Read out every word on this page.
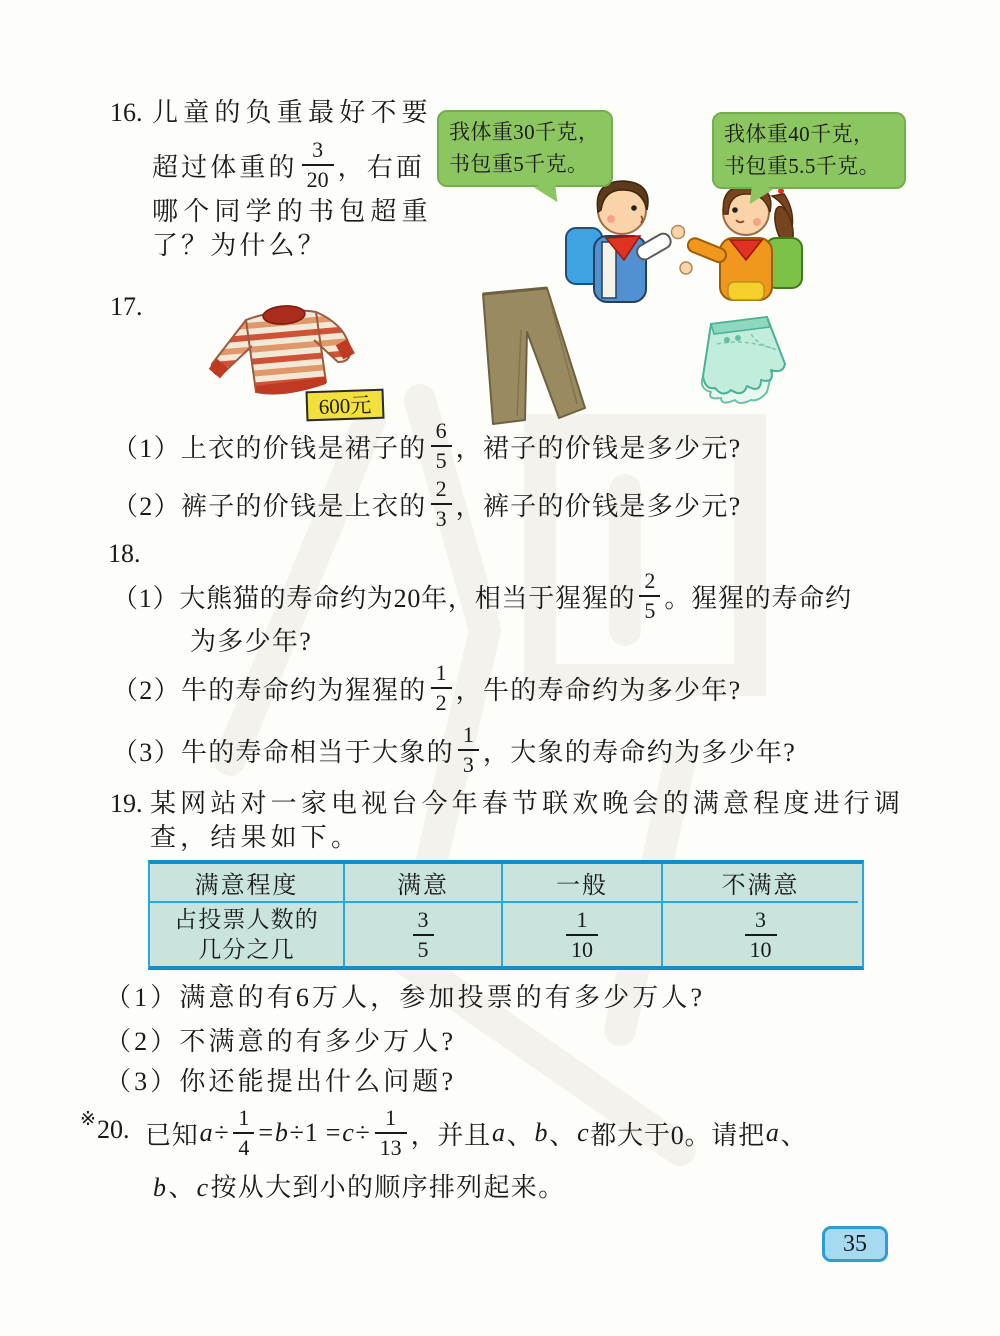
16. 儿童的负重最好不要
超过体重的 $\frac{3}{20}$ ，右面
哪个同学的书包超重
了？为什么？
我体重30千克，
书包重5千克。
我体重40千克，
书包重5.5千克。
17.
600元
（1）上衣的价钱是裙子的 $\frac{6}{5}$ ，裙子的价钱是多少元?
（2）裤子的价钱是上衣的 $\frac{2}{3}$ ，裤子的价钱是多少元?
18.
（1）大熊猫的寿命约为20年，相当于猩猩的 $\frac{2}{5}$ 。猩猩的寿命约
为多少年?
（2）牛的寿命约为猩猩的 $\frac{1}{2}$ ，牛的寿命约为多少年?
（3）牛的寿命相当于大象的 $\frac{1}{3}$ ，大象的寿命约为多少年?
19. 某网站对一家电视台今年春节联欢晚会的满意程度进行调
查，结果如下。
满意程度	满意	一般	不满意
占投票人数的
几分之几	$\frac{3}{5}$	$\frac{1}{10}$	$\frac{3}{10}$
（1）满意的有6万人，参加投票的有多少万人?
（2）不满意的有多少万人?
（3）你还能提出什么问题?
※ 20. 已知 $a \div \frac{1}{4} = b \div 1 = c \div \frac{1}{13}$ ，并且 a 、 b 、 c 都大于0。请把 a 、
b、c按从大到小的顺序排列起来。
35
